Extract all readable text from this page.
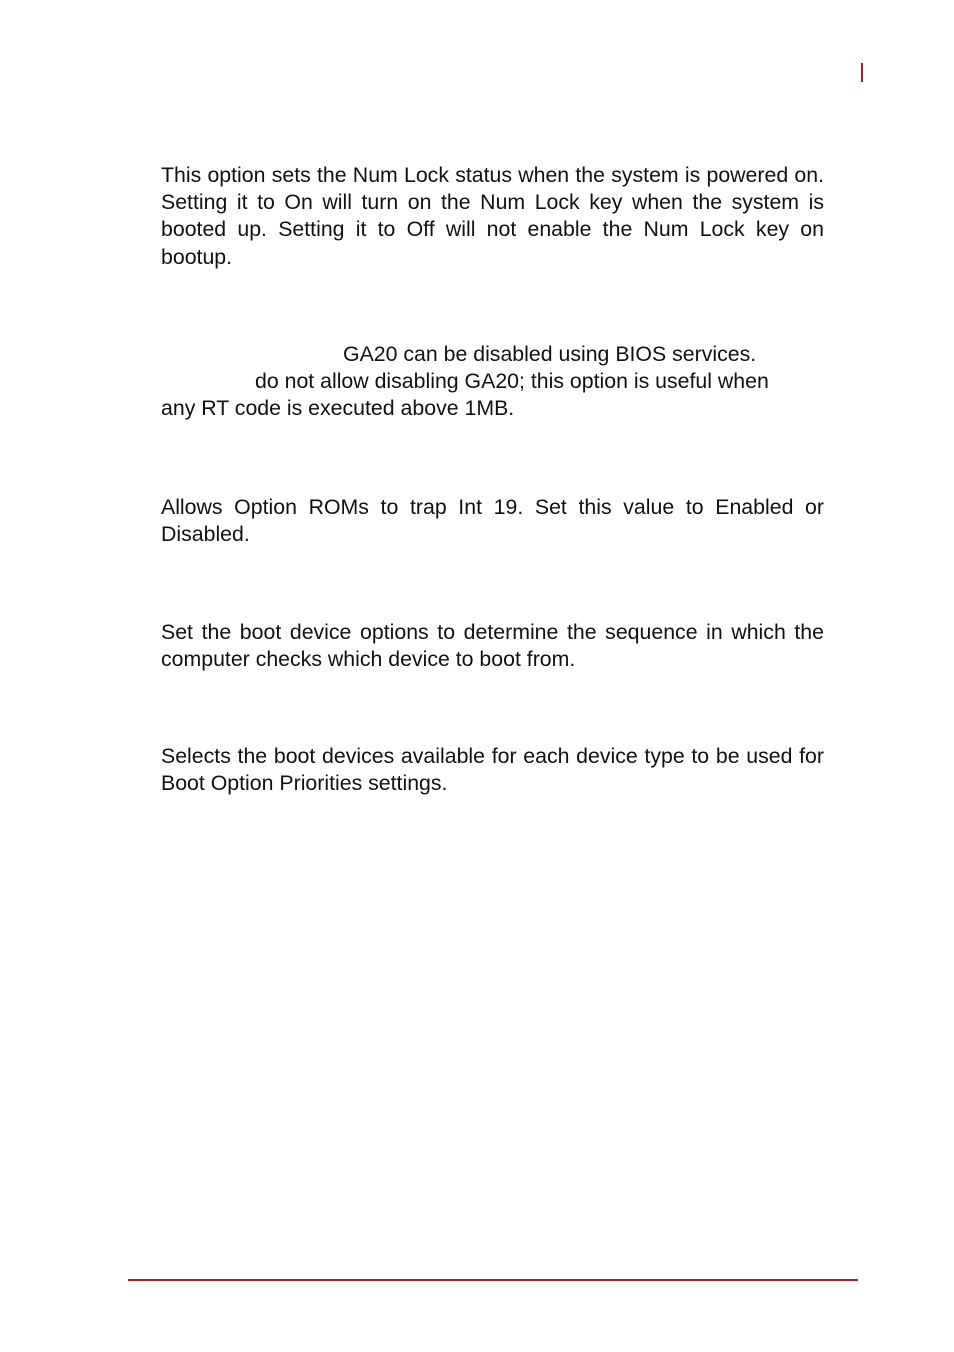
This option sets the Num Lock status when the system is powered on. Setting it to On will turn on the Num Lock key when the system is booted up. Setting it to Off will not enable the Num Lock key on bootup.

GA20 can be disabled using BIOS services.
do not allow disabling GA20; this option is useful when
any RT code is executed above 1MB.

Allows Option ROMs to trap Int 19. Set this value to Enabled or Disabled.

Set the boot device options to determine the sequence in which the computer checks which device to boot from.

Selects the boot devices available for each device type to be used for Boot Option Priorities settings.
